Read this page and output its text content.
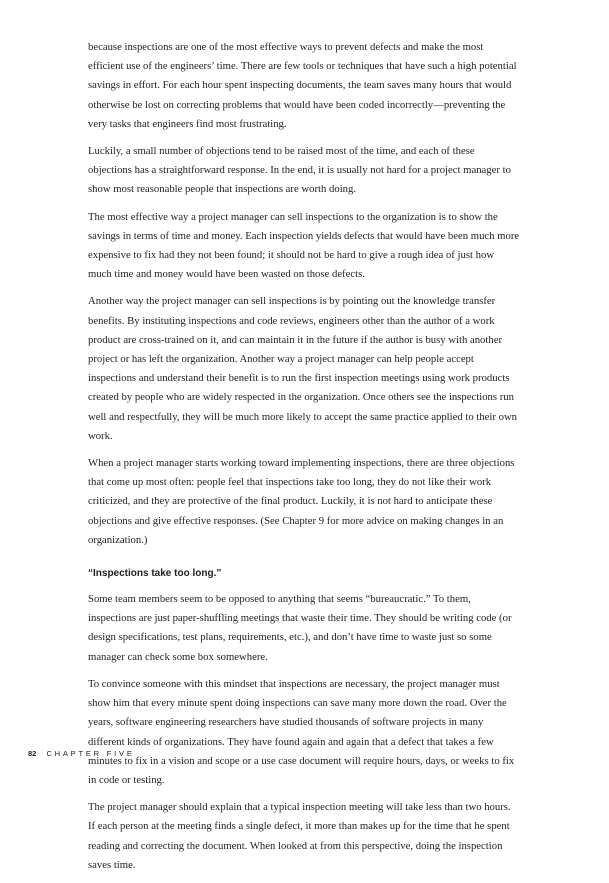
because inspections are one of the most effective ways to prevent defects and make the most efficient use of the engineers’ time. There are few tools or techniques that have such a high potential savings in effort. For each hour spent inspecting documents, the team saves many hours that would otherwise be lost on correcting problems that would have been coded incorrectly—preventing the very tasks that engineers find most frustrating.

Luckily, a small number of objections tend to be raised most of the time, and each of these objections has a straightforward response. In the end, it is usually not hard for a project manager to show most reasonable people that inspections are worth doing.

The most effective way a project manager can sell inspections to the organization is to show the savings in terms of time and money. Each inspection yields defects that would have been much more expensive to fix had they not been found; it should not be hard to give a rough idea of just how much time and money would have been wasted on those defects.

Another way the project manager can sell inspections is by pointing out the knowledge transfer benefits. By instituting inspections and code reviews, engineers other than the author of a work product are cross-trained on it, and can maintain it in the future if the author is busy with another project or has left the organization. Another way a project manager can help people accept inspections and understand their benefit is to run the first inspection meetings using work products created by people who are widely respected in the organization. Once others see the inspections run well and respectfully, they will be much more likely to accept the same practice applied to their own work.

When a project manager starts working toward implementing inspections, there are three objections that come up most often: people feel that inspections take too long, they do not like their work criticized, and they are protective of the final product. Luckily, it is not hard to anticipate these objections and give effective responses. (See Chapter 9 for more advice on making changes in an organization.)

“Inspections take too long.”

Some team members seem to be opposed to anything that seems “bureaucratic.” To them, inspections are just paper-shuffling meetings that waste their time. They should be writing code (or design specifications, test plans, requirements, etc.), and don’t have time to waste just so some manager can check some box somewhere.

To convince someone with this mindset that inspections are necessary, the project manager must show him that every minute spent doing inspections can save many more down the road. Over the years, software engineering researchers have studied thousands of software projects in many different kinds of organizations. They have found again and again that a defect that takes a few minutes to fix in a vision and scope or a use case document will require hours, days, or weeks to fix in code or testing.

The project manager should explain that a typical inspection meeting will take less than two hours. If each person at the meeting finds a single defect, it more than makes up for the time that he spent reading and correcting the document. When looked at from this perspective, doing the inspection saves time.

82 CHAPTER FIVE
